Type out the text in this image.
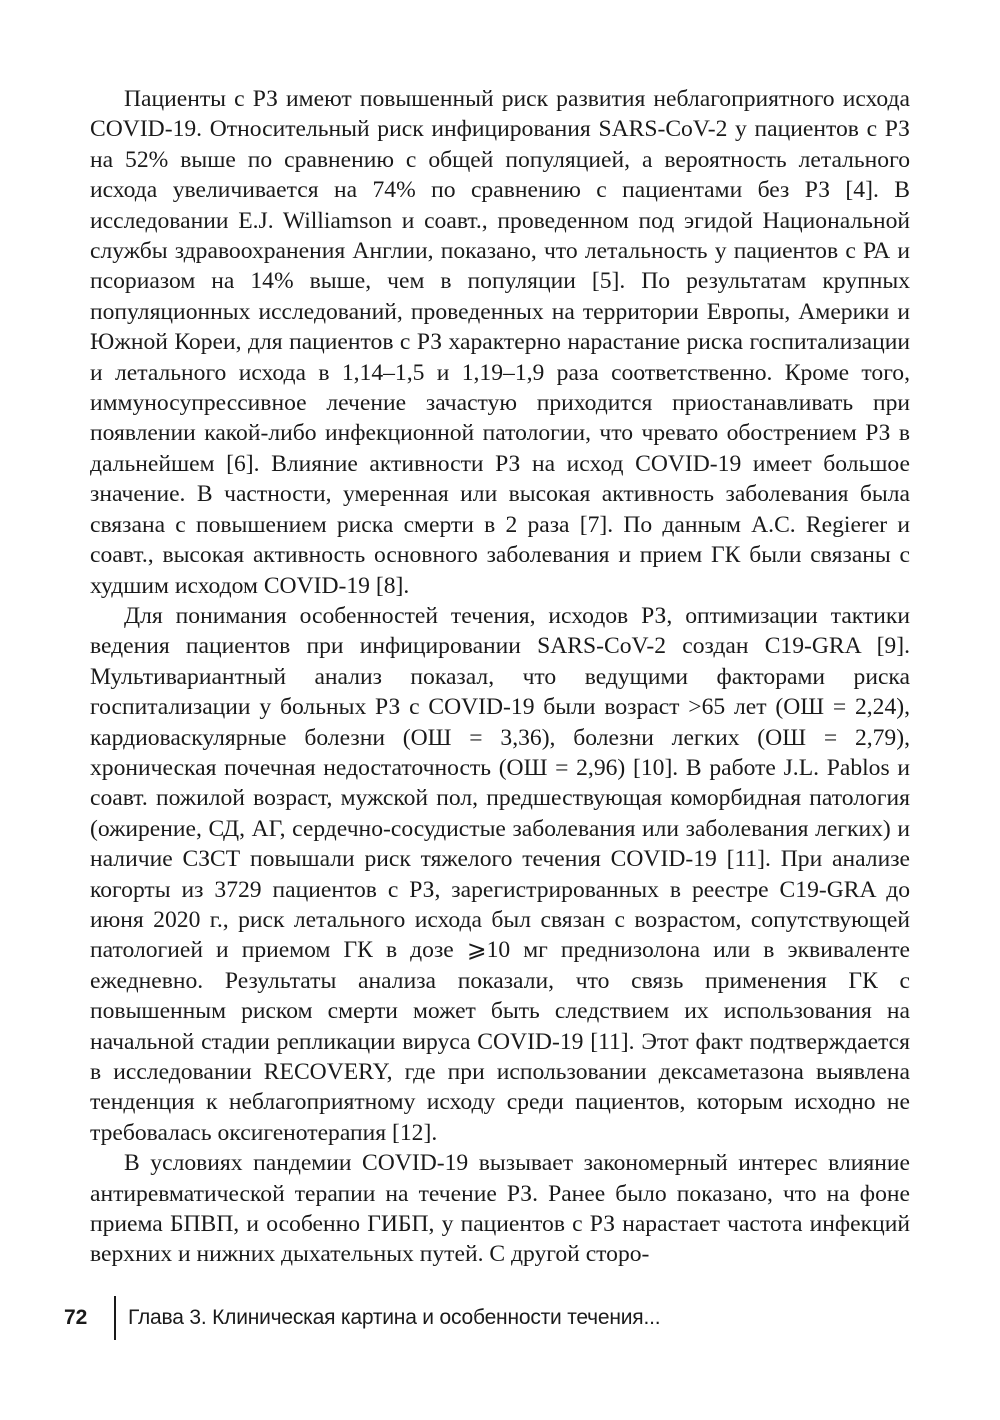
Пациенты с РЗ имеют повышенный риск развития неблагоприятного исхода COVID-19. Относительный риск инфицирования SARS-CoV-2 у пациентов с РЗ на 52% выше по сравнению с общей популяцией, а вероятность летального исхода увеличивается на 74% по сравнению с пациентами без РЗ [4]. В исследовании E.J. Williamson и соавт., проведенном под эгидой Национальной службы здравоохранения Англии, показано, что летальность у пациентов с РА и псориазом на 14% выше, чем в популяции [5]. По результатам крупных популяционных исследований, проведенных на территории Европы, Америки и Южной Кореи, для пациентов с РЗ характерно нарастание риска госпитализации и летального исхода в 1,14–1,5 и 1,19–1,9 раза соответственно. Кроме того, иммуносупрессивное лечение зачастую приходится приостанавливать при появлении какой-либо инфекционной патологии, что чревато обострением РЗ в дальнейшем [6]. Влияние активности РЗ на исход COVID-19 имеет большое значение. В частности, умеренная или высокая активность заболевания была связана с повышением риска смерти в 2 раза [7]. По данным A.C. Regierer и соавт., высокая активность основного заболевания и прием ГК были связаны с худшим исходом COVID-19 [8].

Для понимания особенностей течения, исходов РЗ, оптимизации тактики ведения пациентов при инфицировании SARS-CoV-2 создан C19-GRA [9]. Мультивариантный анализ показал, что ведущими факторами риска госпитализации у больных РЗ с COVID-19 были возраст >65 лет (ОШ = 2,24), кардиоваскулярные болезни (ОШ = 3,36), болезни легких (ОШ = 2,79), хроническая почечная недостаточность (ОШ = 2,96) [10]. В работе J.L. Pablos и соавт. пожилой возраст, мужской пол, предшествующая коморбидная патология (ожирение, СД, АГ, сердечно-сосудистые заболевания или заболевания легких) и наличие СЗСТ повышали риск тяжелого течения COVID-19 [11]. При анализе когорты из 3729 пациентов с РЗ, зарегистрированных в реестре C19-GRA до июня 2020 г., риск летального исхода был связан с возрастом, сопутствующей патологией и приемом ГК в дозе ⩾10 мг преднизолона или в эквиваленте ежедневно. Результаты анализа показали, что связь применения ГК с повышенным риском смерти может быть следствием их использования на начальной стадии репликации вируса COVID-19 [11]. Этот факт подтверждается в исследовании RECOVERY, где при использовании дексаметазона выявлена тенденция к неблагоприятному исходу среди пациентов, которым исходно не требовалась оксигенотерапия [12].

В условиях пандемии COVID-19 вызывает закономерный интерес влияние антиревматической терапии на течение РЗ. Ранее было показано, что на фоне приема БПВП, и особенно ГИБП, у пациентов с РЗ нарастает частота инфекций верхних и нижних дыхательных путей. С другой сторо-

72	Глава 3. Клиническая картина и особенности течения...
